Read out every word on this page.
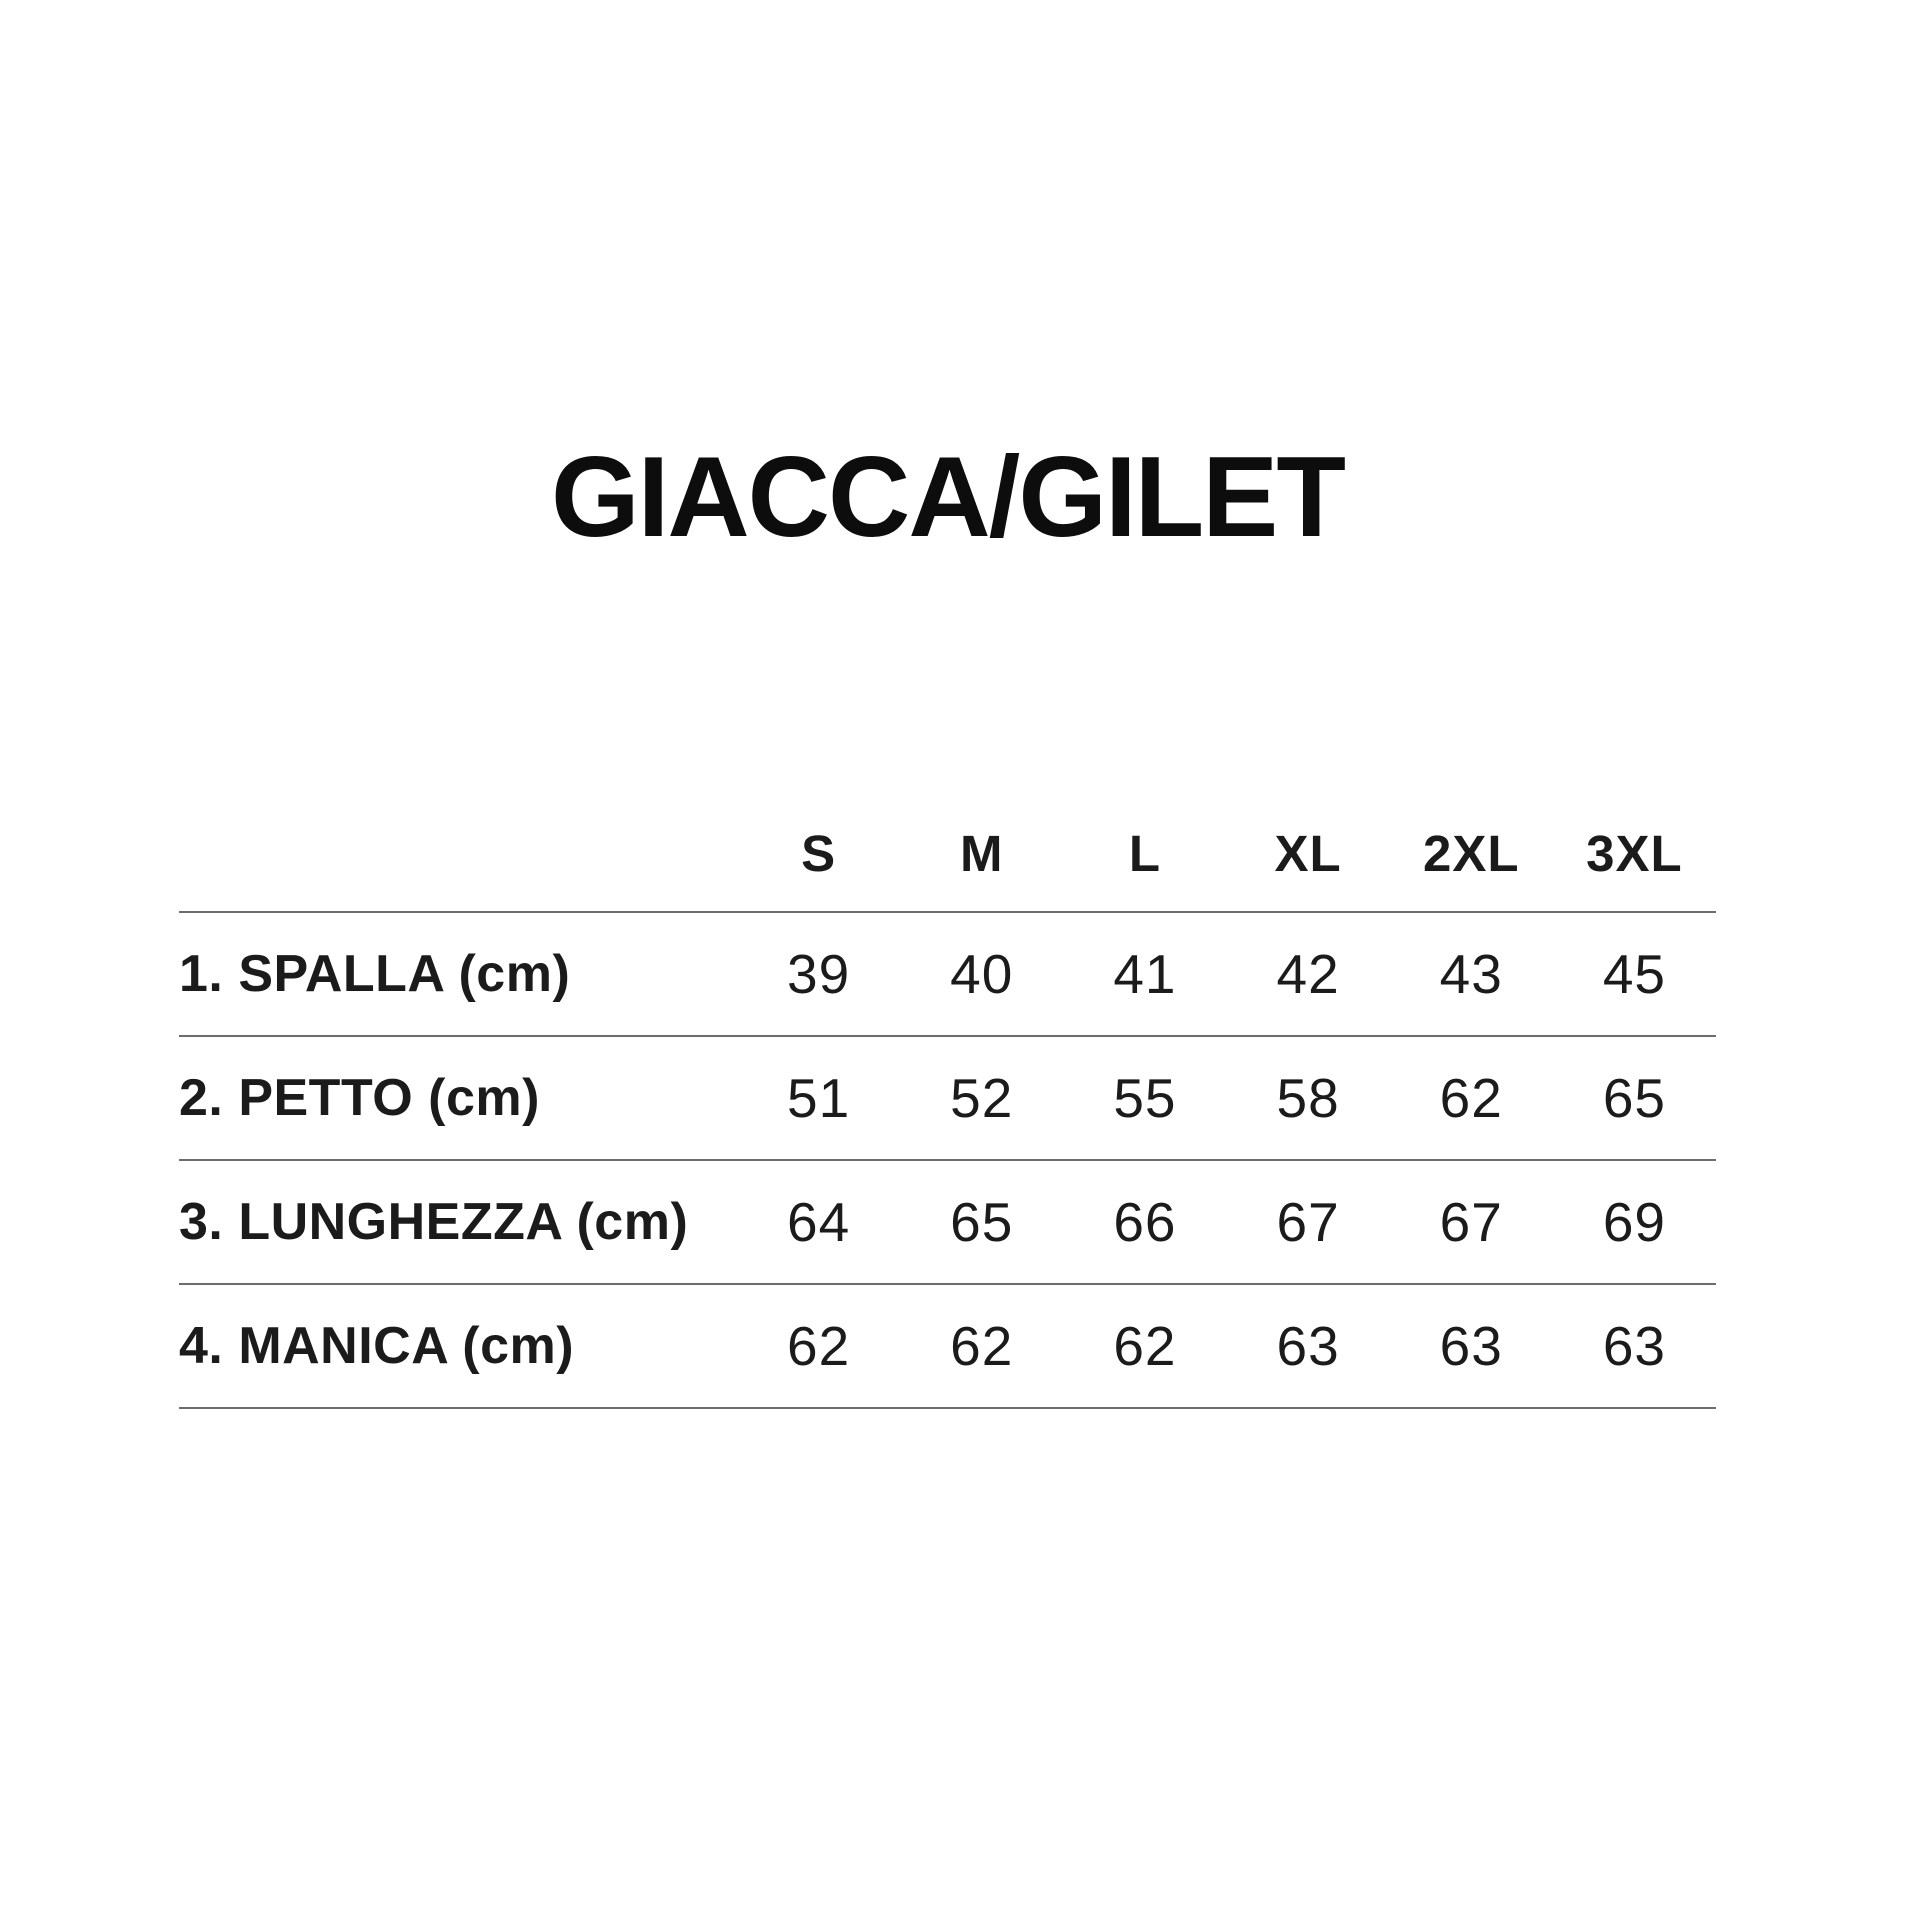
GIACCA/GILET
S	M	L	XL	2XL	3XL
1. SPALLA (cm)	39	40	41	42	43	45
2. PETTO (cm)	51	52	55	58	62	65
3. LUNGHEZZA (cm)	64	65	66	67	67	69
4. MANICA (cm)	62	62	62	63	63	63
